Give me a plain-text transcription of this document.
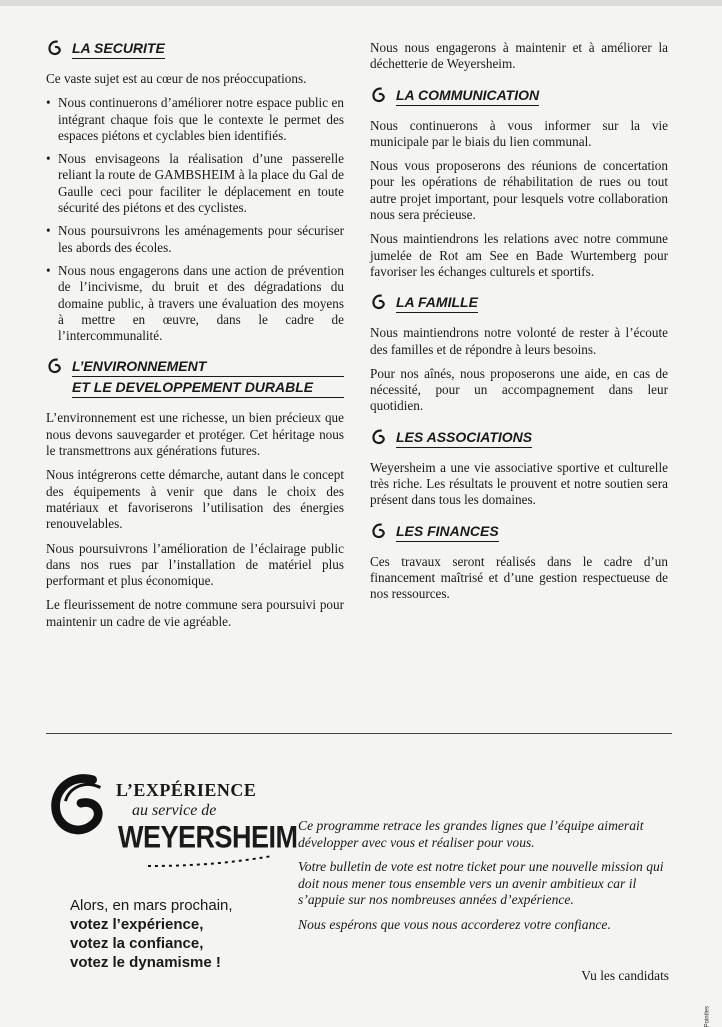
LA SECURITE

Ce vaste sujet est au cœur de nos préoccupations.

• Nous continuerons d’améliorer notre espace public en intégrant chaque fois que le contexte le permet des espaces piétons et cyclables bien identifiés.
• Nous envisageons la réalisation d’une passerelle reliant la route de GAMBSHEIM à la place du Gal de Gaulle ceci pour faciliter le déplacement en toute sécurité des piétons et des cyclistes.
• Nous poursuivrons les aménagements pour sécuriser les abords des écoles.
• Nous nous engagerons dans une action de prévention de l’incivisme, du bruit et des dégradations du domaine public, à travers une évaluation des moyens à mettre en œuvre, dans le cadre de l’intercommunalité.
L’ENVIRONNEMENT
ET LE DEVELOPPEMENT DURABLE

L’environnement est une richesse, un bien précieux que nous devons sauvegarder et protéger. Cet héritage nous le transmettrons aux générations futures.

Nous intégrerons cette démarche, autant dans le concept des équipements à venir que dans le choix des matériaux et favoriserons l’utilisation des énergies renouvelables.

Nous poursuivrons l’amélioration de l’éclairage public dans nos rues par l’installation de matériel plus performant et plus économique.

Le fleurissement de notre commune sera poursuivi pour maintenir un cadre de vie agréable.

Nous nous engagerons à maintenir et à améliorer la déchetterie de Weyersheim.

LA COMMUNICATION

Nous continuerons à vous informer sur la vie municipale par le biais du lien communal.

Nous vous proposerons des réunions de concertation pour les opérations de réhabilitation de rues ou tout autre projet important, pour lesquels votre collaboration nous sera précieuse.

Nous maintiendrons les relations avec notre commune jumelée de Rot am See en Bade Wurtemberg pour favoriser les échanges culturels et sportifs.

LA FAMILLE

Nous maintiendrons notre volonté de rester à l’écoute des familles et de répondre à leurs besoins.

Pour nos aînés, nous proposerons une aide, en cas de nécessité, pour un accompagnement dans leur quotidien.

LES ASSOCIATIONS

Weyersheim a une vie associative sportive et culturelle très riche. Les résultats le prouvent et notre soutien sera présent dans tous les domaines.

LES FINANCES

Ces travaux seront réalisés dans le cadre d’un financement maîtrisé et d’une gestion respectueuse de nos ressources.

L’EXPÉRIENCE
au service de
WEYERSHEIM
Alors, en mars prochain,
votez l’expérience,
votez la confiance,
votez le dynamisme !

Ce programme retrace les grandes lignes que l’équipe aimerait développer avec vous et réaliser pour vous.

Votre bulletin de vote est notre ticket pour une nouvelle mission qui doit nous mener tous ensemble vers un avenir ambitieux car il s’appuie sur nos nombreuses années d’expérience.

Nous espérons que vous nous accorderez votre confiance.

Vu les candidats
Pointles
